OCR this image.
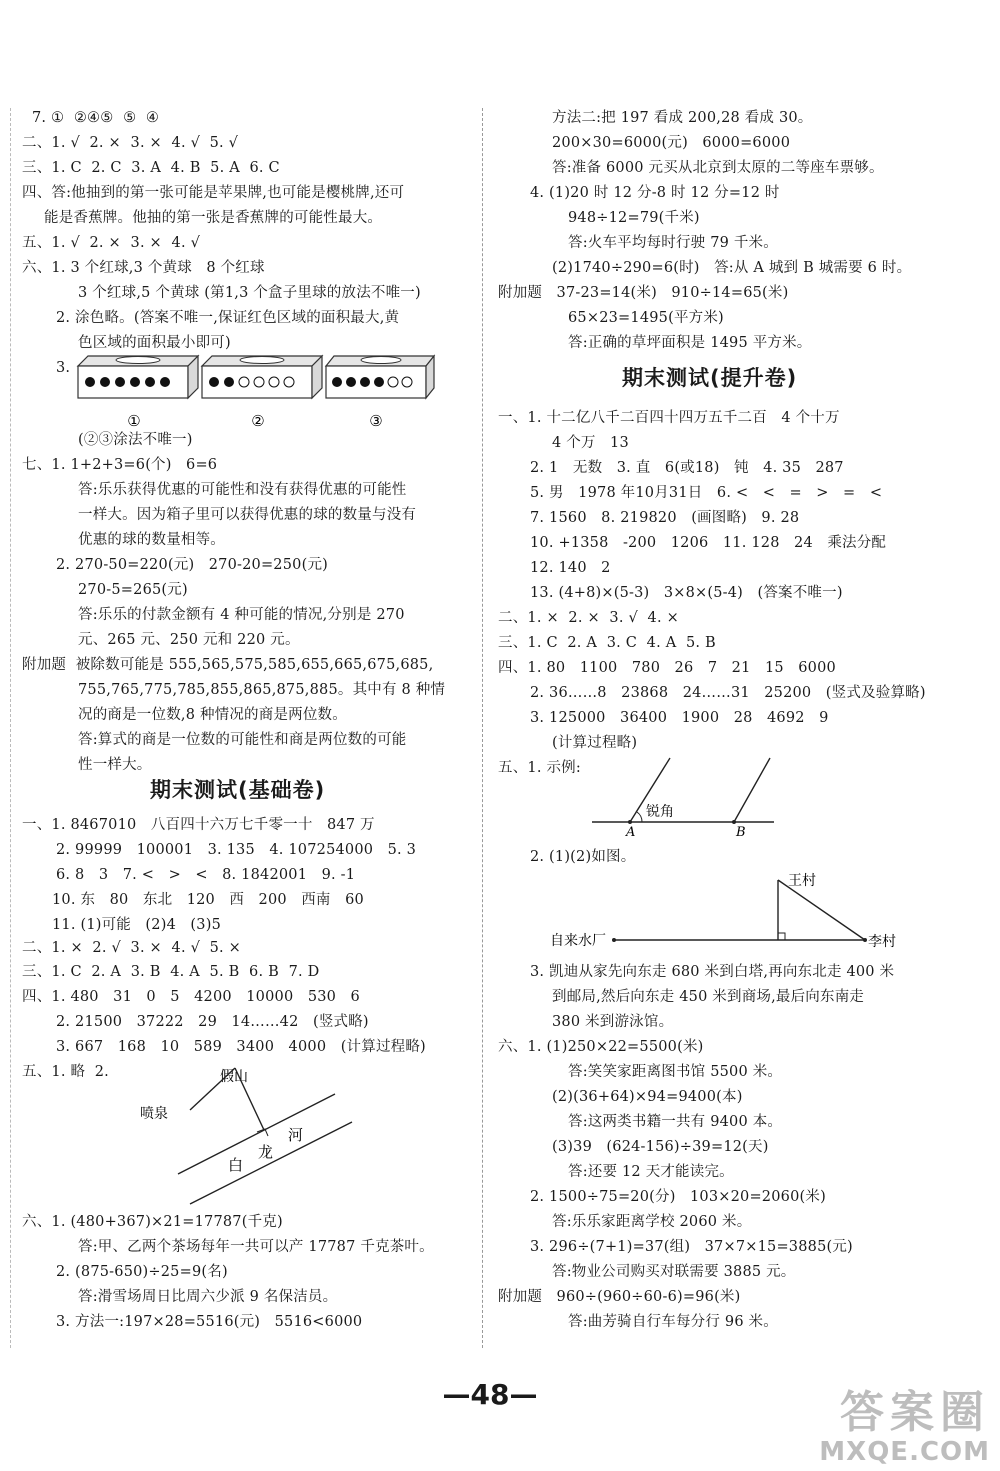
7. ①  ②④⑤  ⑤  ④
二、1. √  2. ×  3. ×  4. √  5. √
三、1. C  2. C  3. A  4. B  5. A  6. C
四、答:他抽到的第一张可能是苹果牌,也可能是樱桃牌,还可
能是香蕉牌。他抽的第一张是香蕉牌的可能性最大。
五、1. √  2. ×  3. ×  4. √
六、1. 3 个红球,3 个黄球   8 个红球
3 个红球,5 个黄球 (第1,3 个盒子里球的放法不唯一)
2. 涂色略。(答案不唯一,保证红色区域的面积最大,黄
色区域的面积最小即可)
3.
①	②	③
(②③涂法不唯一)
七、1. 1+2+3=6(个)   6=6
答:乐乐获得优惠的可能性和没有获得优惠的可能性
一样大。因为箱子里可以获得优惠的球的数量与没有
优惠的球的数量相等。
2. 270-50=220(元)   270-20=250(元)
270-5=265(元)
答:乐乐的付款金额有 4 种可能的情况,分别是 270
元、265 元、250 元和 220 元。
附加题  被除数可能是 555,565,575,585,655,665,675,685,
755,765,775,785,855,865,875,885。其中有 8 种情
况的商是一位数,8 种情况的商是两位数。
答:算式的商是一位数的可能性和商是两位数的可能
性一样大。
期末测试(基础卷)
一、1. 8467010   八百四十六万七千零一十   847 万
2. 99999   100001   3. 135   4. 107254000   5. 3
6. 8   3   7. <   >   <   8. 1842001   9. -1
10. 东   80   东北   120   西   200   西南   60
11. (1)可能   (2)4   (3)5
二、1. ×  2. √  3. ×  4. √  5. ×
三、1. C  2. A  3. B  4. A  5. B  6. B  7. D
四、1. 480   31   0   5   4200   10000   530   6
2. 21500   37222   29   14……42   (竖式略)
3. 667   168   10   589   3400   4000   (计算过程略)
五、1. 略  2.	假山
喷泉
白
龙
河
六、1. (480+367)×21=17787(千克)
答:甲、乙两个茶场每年一共可以产 17787 千克茶叶。
2. (875-650)÷25=9(名)
答:滑雪场周日比周六少派 9 名保洁员。
3. 方法一:197×28=5516(元)   5516<6000
方法二:把 197 看成 200,28 看成 30。
200×30=6000(元)   6000=6000
答:准备 6000 元买从北京到太原的二等座车票够。
4. (1)20 时 12 分-8 时 12 分=12 时
948÷12=79(千米)
答:火车平均每时行驶 79 千米。
(2)1740÷290=6(时)   答:从 A 城到 B 城需要 6 时。
附加题   37-23=14(米)   910÷14=65(米)
65×23=1495(平方米)
答:正确的草坪面积是 1495 平方米。
期末测试(提升卷)
一、1. 十二亿八千二百四十四万五千二百   4 个十万
4 个万   13
2. 1   无数   3. 直   6(或18)   钝   4. 35   287
5. 男   1978 年10月31日   6. <   <   =   >   =   <
7. 1560   8. 219820   (画图略)   9. 28
10. +1358   -200   1206   11. 128   24   乘法分配
12. 140   2
13. (4+8)×(5-3)   3×8×(5-4)   (答案不唯一)
二、1. ×  2. ×  3. √  4. ×
三、1. C  2. A  3. C  4. A  5. B
四、1. 80   1100   780   26   7   21   15   6000
2. 36……8   23868   24……31   25200   (竖式及验算略)
3. 125000   36400   1900   28   4692   9
(计算过程略)
五、1. 示例:
锐角
A	B
2. (1)(2)如图。
王村
自来水厂	李村
3. 凯迪从家先向东走 680 米到白塔,再向东北走 400 米
到邮局,然后向东走 450 米到商场,最后向东南走
380 米到游泳馆。
六、1. (1)250×22=5500(米)
答:笑笑家距离图书馆 5500 米。
(2)(36+64)×94=9400(本)
答:这两类书籍一共有 9400 本。
(3)39   (624-156)÷39=12(天)
答:还要 12 天才能读完。
2. 1500÷75=20(分)   103×20=2060(米)
答:乐乐家距离学校 2060 米。
3. 296÷(7+1)=37(组)   37×7×15=3885(元)
答:物业公司购买对联需要 3885 元。
附加题   960÷(960÷60-6)=96(米)
答:曲芳骑自行车每分行 96 米。
—48—	答案圈
MXQE.COM
